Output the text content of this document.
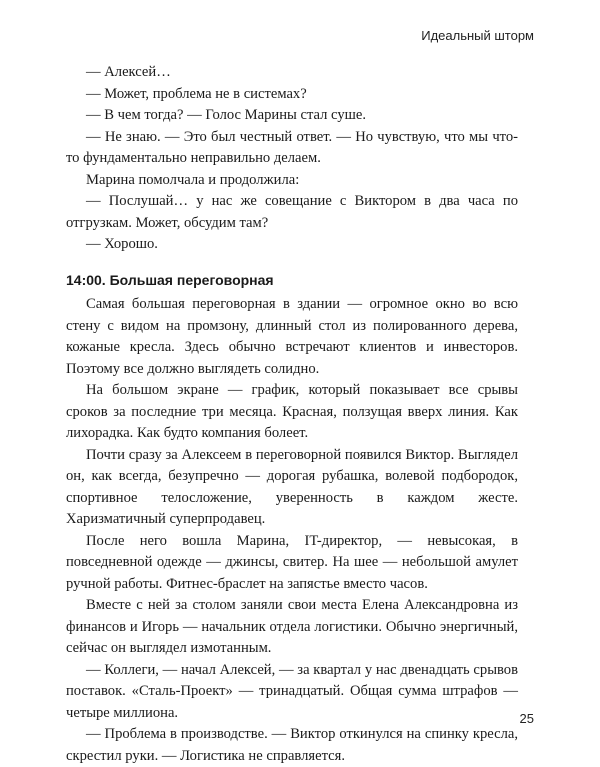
Идеальный шторм

— Алексей…

— Может, проблема не в системах?

— В чем тогда? — Голос Марины стал суше.

— Не знаю. — Это был честный ответ. — Но чувствую, что мы что-то фундаментально неправильно делаем.

Марина помолчала и продолжила:

— Послушай… у нас же совещание с Виктором в два часа по отгрузкам. Может, обсудим там?

— Хорошо.

14:00. Большая переговорная

Самая большая переговорная в здании — огромное окно во всю стену с видом на промзону, длинный стол из полированного дерева, кожаные кресла. Здесь обычно встречают клиентов и инвесторов. Поэтому все должно выглядеть солидно.

На большом экране — график, который показывает все срывы сроков за последние три месяца. Красная, ползущая вверх линия. Как лихорадка. Как будто компания болеет.

Почти сразу за Алексеем в переговорной появился Виктор. Выглядел он, как всегда, безупречно — дорогая рубашка, волевой подбородок, спортивное телосложение, уверенность в каждом жесте. Харизматичный суперпродавец.

После него вошла Марина, IT-директор, — невысокая, в повседневной одежде — джинсы, свитер. На шее — небольшой амулет ручной работы. Фитнес-браслет на запястье вместо часов.

Вместе с ней за столом заняли свои места Елена Александровна из финансов и Игорь — начальник отдела логистики. Обычно энергичный, сейчас он выглядел измотанным.

— Коллеги, — начал Алексей, — за квартал у нас двенадцать срывов поставок. «Сталь-Проект» — тринадцатый. Общая сумма штрафов — четыре миллиона.

— Проблема в производстве. — Виктор откинулся на спинку кресла, скрестил руки. — Логистика не справляется.

25
